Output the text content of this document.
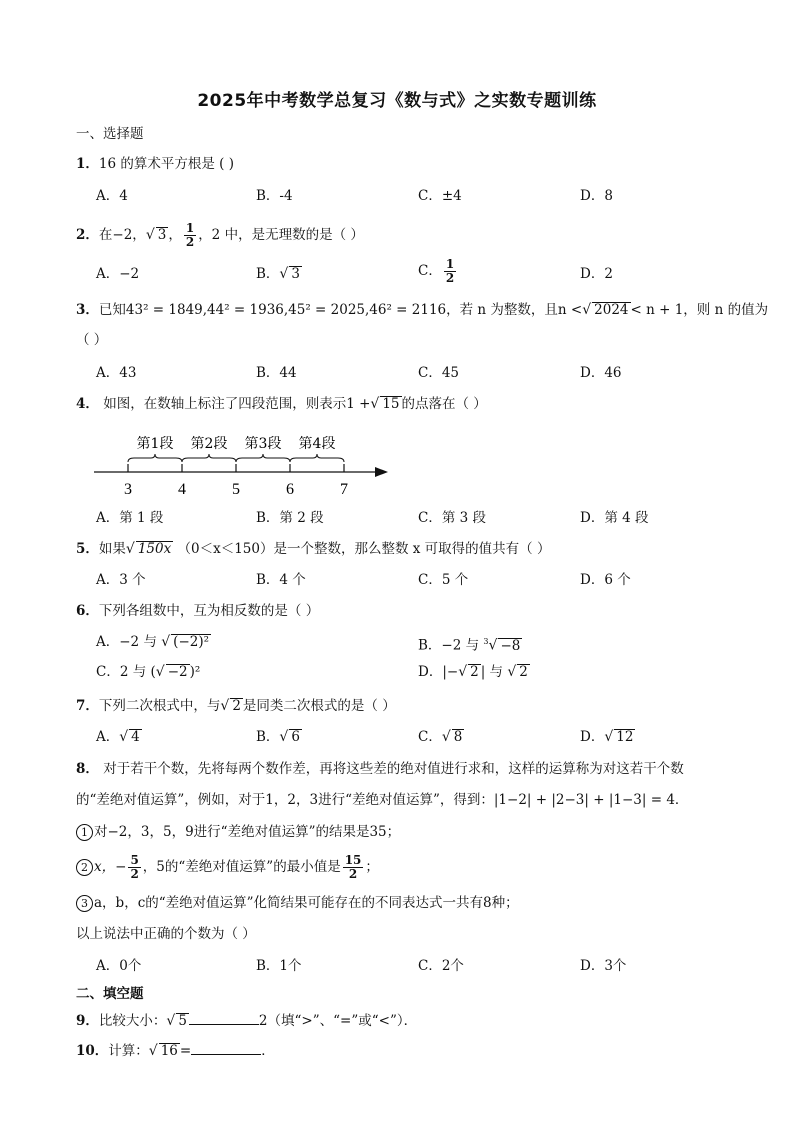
2025年中考数学总复习《数与式》之实数专题训练
一、选择题
1．16 的算术平方根是 ( )
A．4	B．-4	C．±4	D．8
2．在−2，√ 3 ， $\frac{1}{2}$ ，2 中，是无理数的是（ ）
A．−2	B．√ 3	C． $\frac{1}{2}$	D．2
3．已知43² = 1849,44² = 1936,45² = 2025,46² = 2116，若 n 为整数，且n <√ 2024 < n + 1，则 n 的值为
（ ）
A．43	B．44	C．45	D．46
4． 如图，在数轴上标注了四段范围，则表示1 +√ 15 的点落在（ ）
3	4	5	6	7
第1段 第2段 第3段 第4段
A．第 1 段	B．第 2 段	C．第 3 段	D．第 4 段
5．如果√ 150x （0＜x＜150）是一个整数，那么整数 x 可取得的值共有（ ）
A．3 个	B．4 个	C．5 个	D．6 个
6．下列各组数中，互为相反数的是（ ）
A．−2 与 √ (−2)²	B．−2 与 $^3$√ −8
C．2 与 (√ −2 )²	D．|−√ 2 | 与 √ 2
7．下列二次根式中，与√ 2 是同类二次根式的是（ ）
A．√ 4	B．√ 6	C．√ 8	D．√ 12
8． 对于若干个数，先将每两个数作差，再将这些差的绝对值进行求和，这样的运算称为对这若干个数
的“差绝对值运算”，例如，对于1，2，3进行“差绝对值运算”，得到：|1−2| + |2−3| + |1−3| = 4．
1 对−2，3，5，9进行“差绝对值运算”的结果是35；
2 x，− $\frac{5}{2}$ ，5的“差绝对值运算”的最小值是 $\frac{15}{2}$ ；
3 a，b，c的“差绝对值运算”化简结果可能存在的不同表达式一共有8种；
以上说法中正确的个数为（ ）
A．0个	B．1个	C．2个	D．3个
二、填空题
9．比较大小：√ 5	2（填“>”、“=”或“<”）．
10．计算：√ 16 =	．
